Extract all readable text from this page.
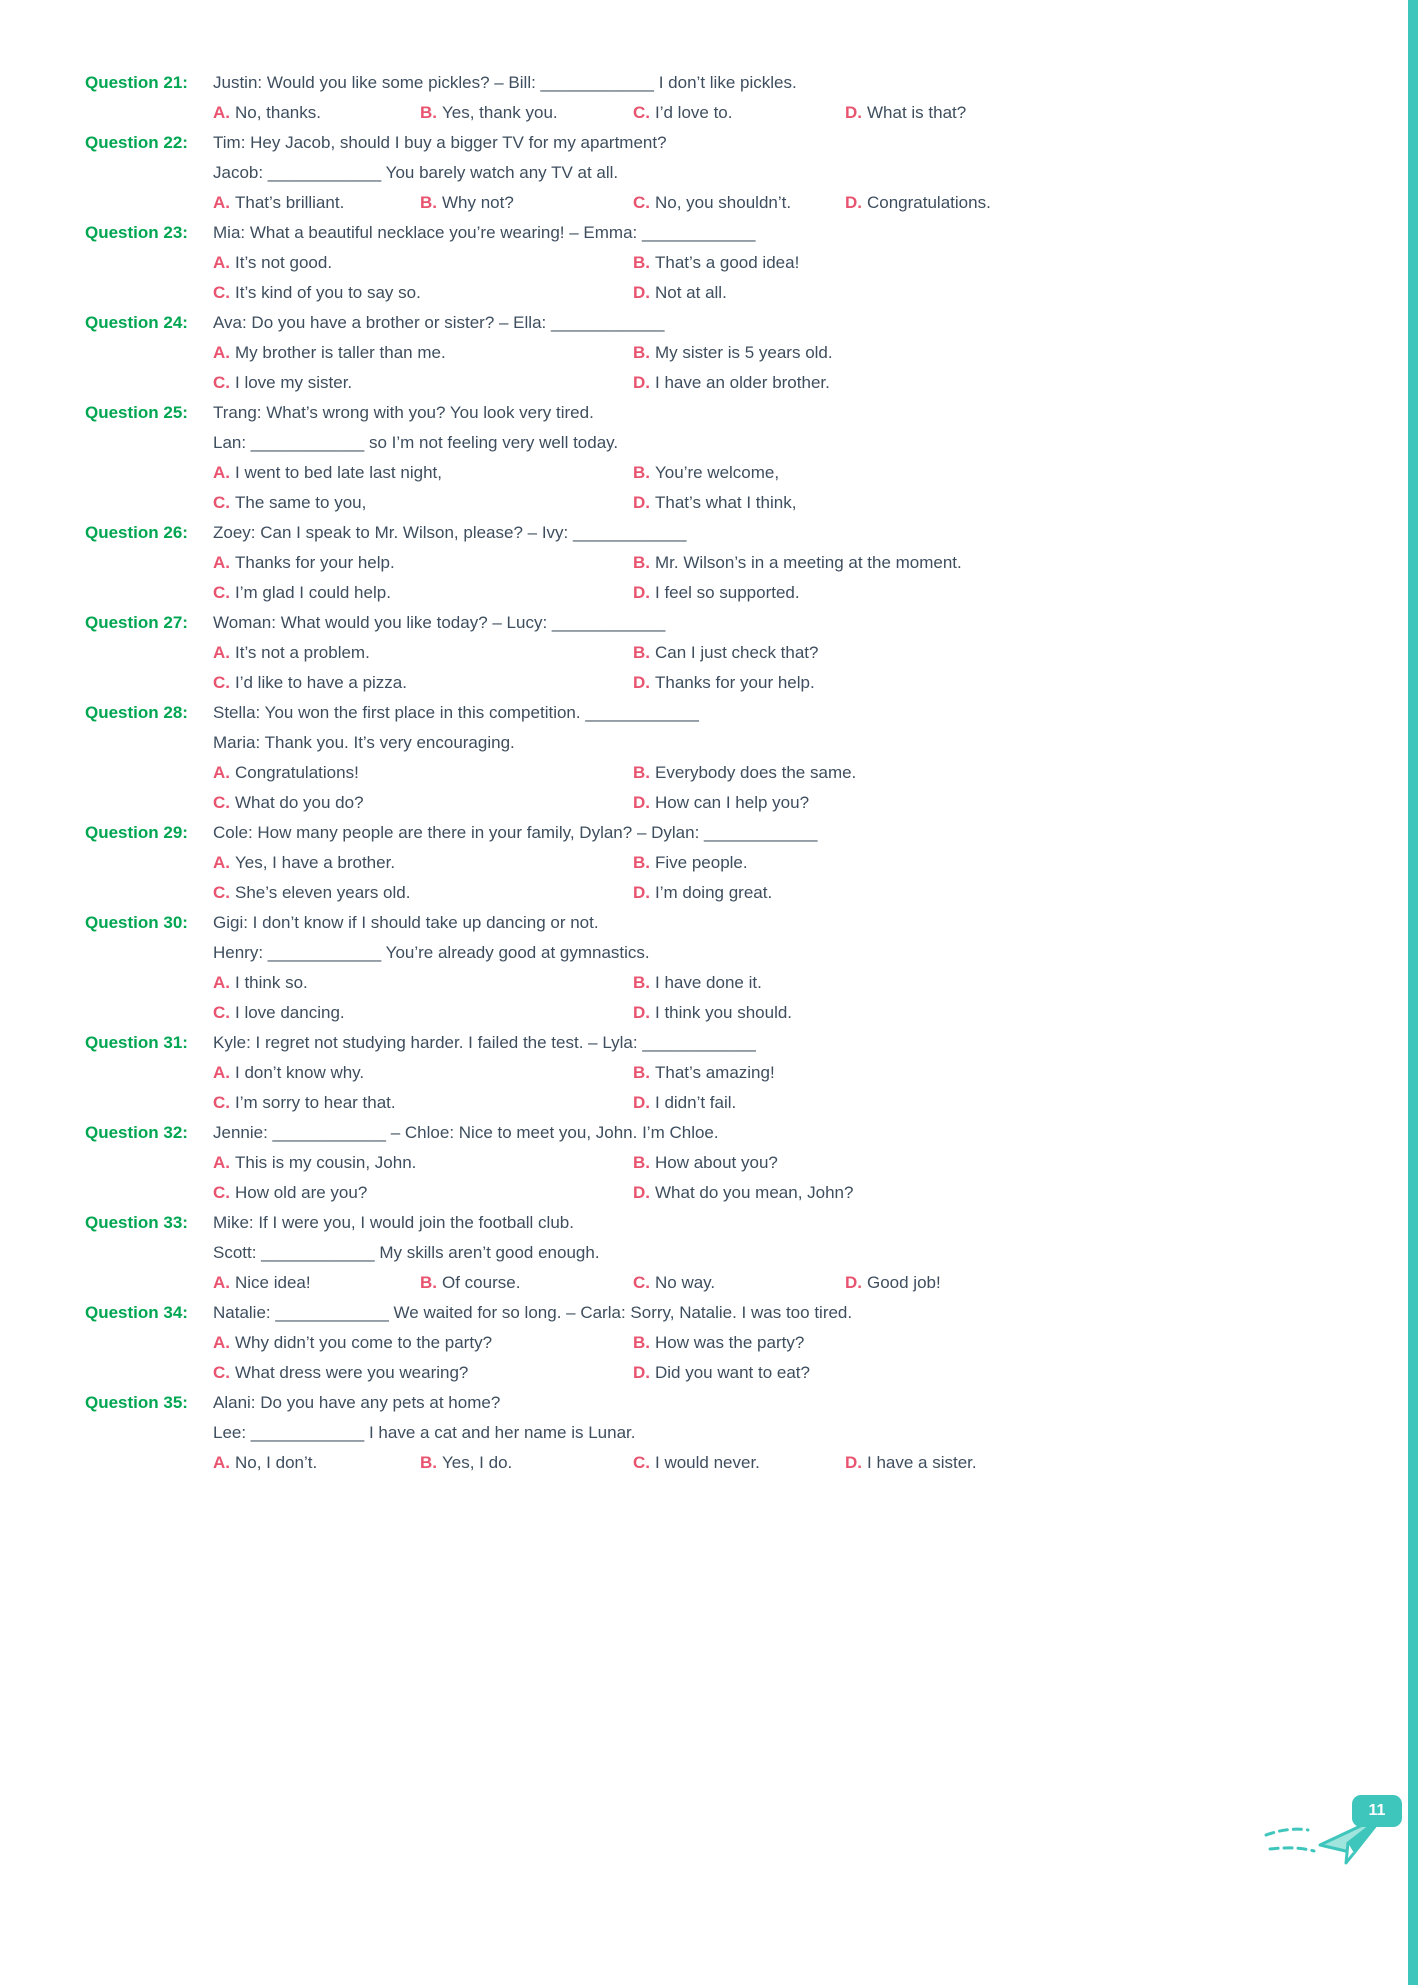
Question 21: Justin: Would you like some pickles? – Bill: ____________ I don’t like pickles.
A. No, thanks.	B. Yes, thank you.	C. I’d love to.	D. What is that?
Question 22: Tim: Hey Jacob, should I buy a bigger TV for my apartment?
Jacob: ____________ You barely watch any TV at all.
A. That’s brilliant.	B. Why not?	C. No, you shouldn’t.	D. Congratulations.
Question 23: Mia: What a beautiful necklace you’re wearing! – Emma: ____________
A. It’s not good.	B. That’s a good idea!
C. It’s kind of you to say so.	D. Not at all.
Question 24: Ava: Do you have a brother or sister? – Ella: ____________
A. My brother is taller than me.	B. My sister is 5 years old.
C. I love my sister.	D. I have an older brother.
Question 25: Trang: What’s wrong with you? You look very tired.
Lan: ____________ so I’m not feeling very well today.
A. I went to bed late last night,	B. You’re welcome,
C. The same to you,	D. That’s what I think,
Question 26: Zoey: Can I speak to Mr. Wilson, please? – Ivy: ____________
A. Thanks for your help.	B. Mr. Wilson’s in a meeting at the moment.
C. I’m glad I could help.	D. I feel so supported.
Question 27: Woman: What would you like today? – Lucy: ____________
A. It’s not a problem.	B. Can I just check that?
C. I’d like to have a pizza.	D. Thanks for your help.
Question 28: Stella: You won the first place in this competition. ____________
Maria: Thank you. It’s very encouraging.
A. Congratulations!	B. Everybody does the same.
C. What do you do?	D. How can I help you?
Question 29: Cole: How many people are there in your family, Dylan? – Dylan: ____________
A. Yes, I have a brother.	B. Five people.
C. She’s eleven years old.	D. I’m doing great.
Question 30: Gigi: I don’t know if I should take up dancing or not.
Henry: ____________ You’re already good at gymnastics.
A. I think so.	B. I have done it.
C. I love dancing.	D. I think you should.
Question 31: Kyle: I regret not studying harder. I failed the test. – Lyla: ____________
A. I don’t know why.	B. That’s amazing!
C. I’m sorry to hear that.	D. I didn’t fail.
Question 32: Jennie: ____________ – Chloe: Nice to meet you, John. I’m Chloe.
A. This is my cousin, John.	B. How about you?
C. How old are you?	D. What do you mean, John?
Question 33: Mike: If I were you, I would join the football club.
Scott: ____________ My skills aren’t good enough.
A. Nice idea!	B. Of course.	C. No way.	D. Good job!
Question 34: Natalie: ____________ We waited for so long. – Carla: Sorry, Natalie. I was too tired.
A. Why didn’t you come to the party?	B. How was the party?
C. What dress were you wearing?	D. Did you want to eat?
Question 35: Alani: Do you have any pets at home?
Lee: ____________ I have a cat and her name is Lunar.
A. No, I don’t.	B. Yes, I do.	C. I would never.	D. I have a sister.
11
